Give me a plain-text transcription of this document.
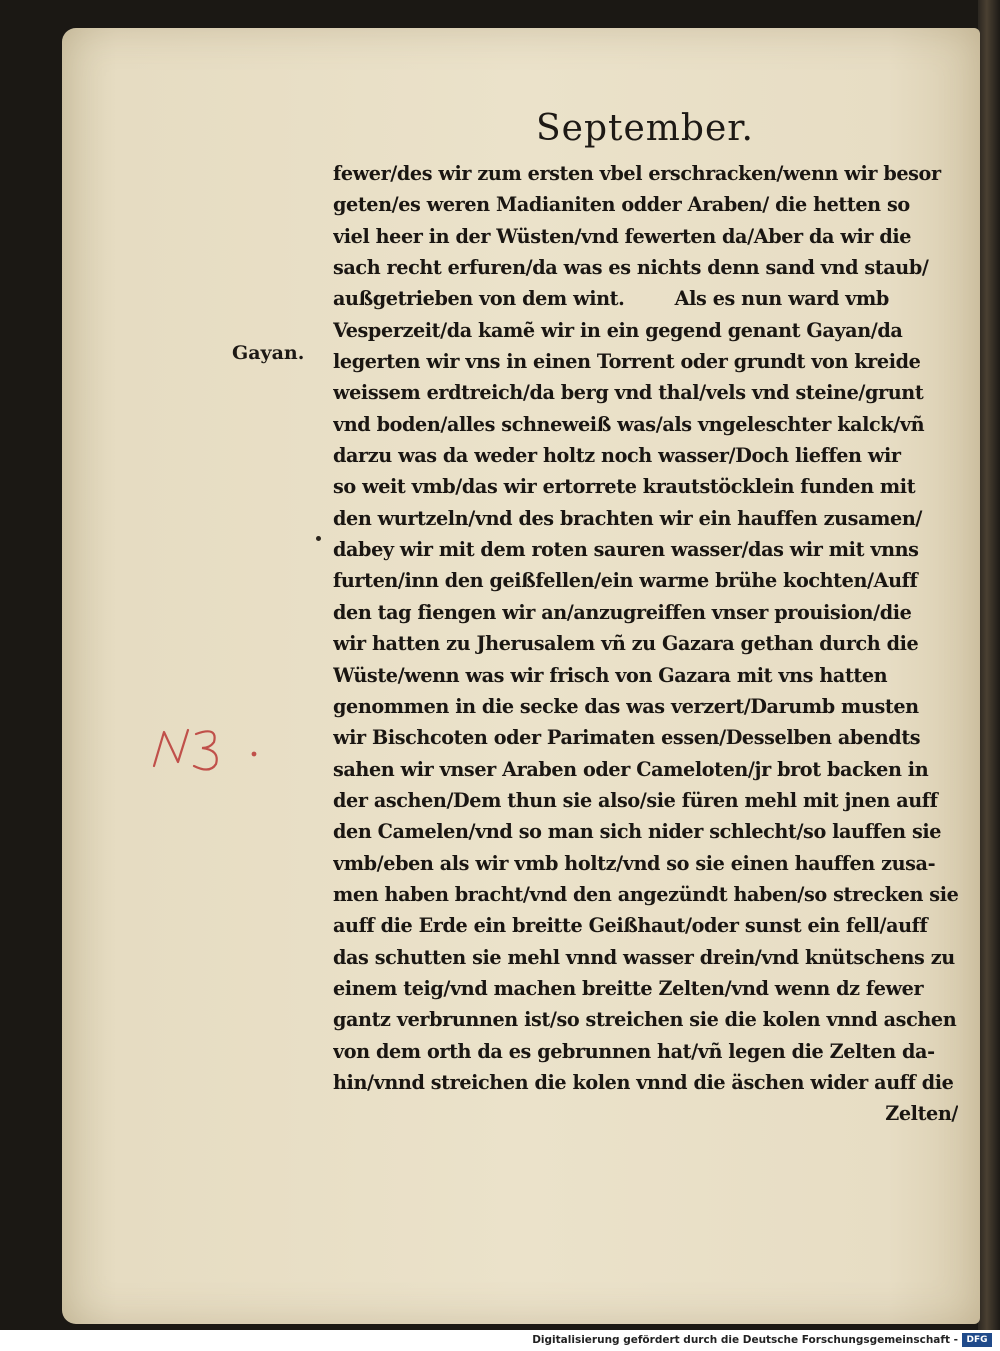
September.
Gayan.
fewer/des wir zum ersten vbel erschracken/wenn wir besor
geten/es weren Madianiten odder Araben/ die hetten so
viel heer in der Wüsten/vnd fewerten da/Aber da wir die
sach recht erfuren/da was es nichts denn sand vnd staub/
außgetrieben von dem wint.        Als es nun ward vmb
Vesperzeit/da kamẽ wir in ein gegend genant Gayan/da
legerten wir vns in einen Torrent oder grundt von kreide
weissem erdtreich/da berg vnd thal/vels vnd steine/grunt
vnd boden/alles schneweiß was/als vngeleschter kalck/vñ
darzu was da weder holtz noch wasser/Doch lieffen wir
so weit vmb/das wir ertorrete krautstöcklein funden mit
den wurtzeln/vnd des brachten wir ein hauffen zusamen/
dabey wir mit dem roten sauren wasser/das wir mit vnns
furten/inn den geißfellen/ein warme brühe kochten/Auff
den tag fiengen wir an/anzugreiffen vnser prouision/die
wir hatten zu Jherusalem vñ zu Gazara gethan durch die
Wüste/wenn was wir frisch von Gazara mit vns hatten
genommen in die secke das was verzert/Darumb musten
wir Bischcoten oder Parimaten essen/Desselben abendts
sahen wir vnser Araben oder Cameloten/jr brot backen in
der aschen/Dem thun sie also/sie füren mehl mit jnen auff
den Camelen/vnd so man sich nider schlecht/so lauffen sie
vmb/eben als wir vmb holtz/vnd so sie einen hauffen zusa-
men haben bracht/vnd den angezündt haben/so strecken sie
auff die Erde ein breitte Geißhaut/oder sunst ein fell/auff
das schutten sie mehl vnnd wasser drein/vnd knütschens zu
einem teig/vnd machen breitte Zelten/vnd wenn dz fewer
gantz verbrunnen ist/so streichen sie die kolen vnnd aschen
von dem orth da es gebrunnen hat/vñ legen die Zelten da-
hin/vnnd streichen die kolen vnnd die äschen wider auff die
Zelten/
Digitalisierung gefördert durch die Deutsche Forschungsgemeinschaft - DFG
